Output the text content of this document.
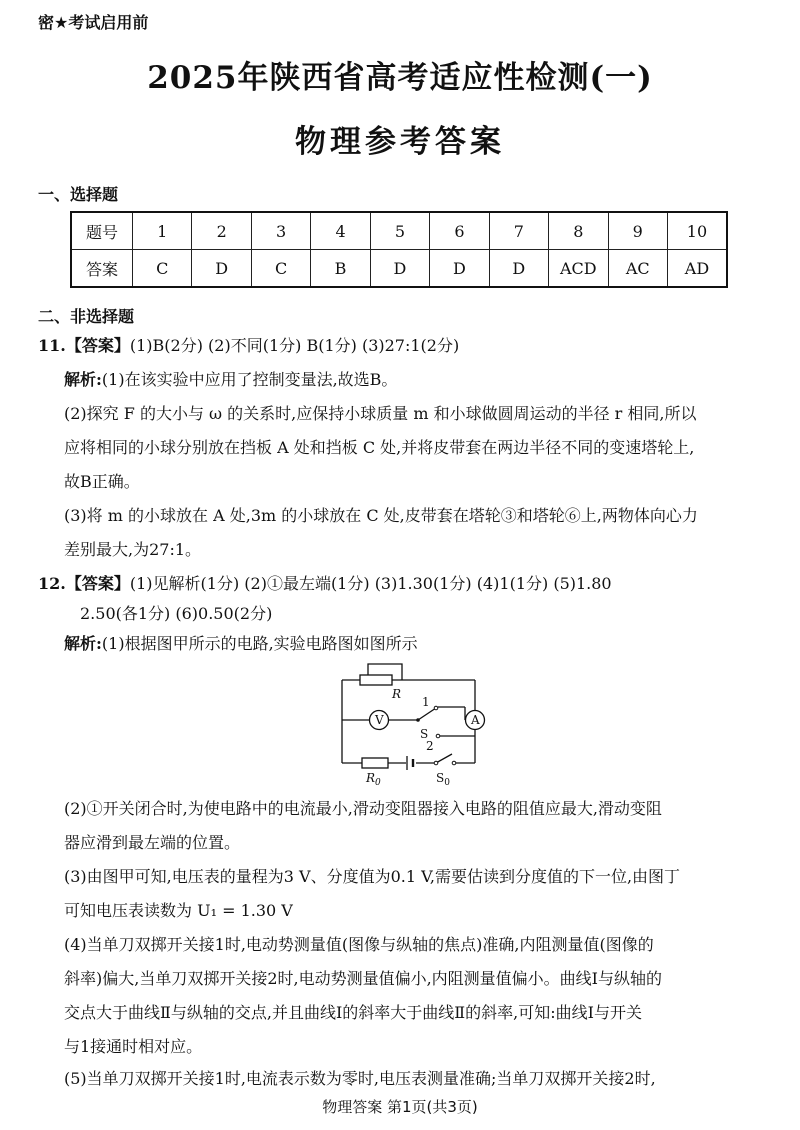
密★考试启用前
2025年陕西省高考适应性检测(一)
物理参考答案
一、选择题
题号	1	2	3	4	5	6	7	8	9	10
答案	C	D	C	B	D	D	D	ACD	AC	AD
二、非选择题
11.【答案】(1)B(2分) (2)不同(1分) B(1分) (3)27:1(2分)
解析:(1)在该实验中应用了控制变量法,故选B。
(2)探究 F 的大小与 ω 的关系时,应保持小球质量 m 和小球做圆周运动的半径 r 相同,所以
应将相同的小球分别放在挡板 A 处和挡板 C 处,并将皮带套在两边半径不同的变速塔轮上,
故B正确。
(3)将 m 的小球放在 A 处,3m 的小球放在 C 处,皮带套在塔轮③和塔轮⑥上,两物体向心力
差别最大,为27:1。
12.【答案】(1)见解析(1分) (2)①最左端(1分) (3)1.30(1分) (4)1(1分) (5)1.80
2.50(各1分) (6)0.50(2分)
解析:(1)根据图甲所示的电路,实验电路图如图所示
R
V	A
1
S
2
$R_0$	$S_0$
(2)①开关闭合时,为使电路中的电流最小,滑动变阻器接入电路的阻值应最大,滑动变阻
器应滑到最左端的位置。
(3)由图甲可知,电压表的量程为3 V、分度值为0.1 V,需要估读到分度值的下一位,由图丁
可知电压表读数为 U₁ = 1.30 V
(4)当单刀双掷开关接1时,电动势测量值(图像与纵轴的焦点)准确,内阻测量值(图像的
斜率)偏大,当单刀双掷开关接2时,电动势测量值偏小,内阻测量值偏小。曲线Ⅰ与纵轴的
交点大于曲线Ⅱ与纵轴的交点,并且曲线Ⅰ的斜率大于曲线Ⅱ的斜率,可知:曲线Ⅰ与开关
与1接通时相对应。
(5)当单刀双掷开关接1时,电流表示数为零时,电压表测量准确;当单刀双掷开关接2时,
物理答案 第1页(共3页)
